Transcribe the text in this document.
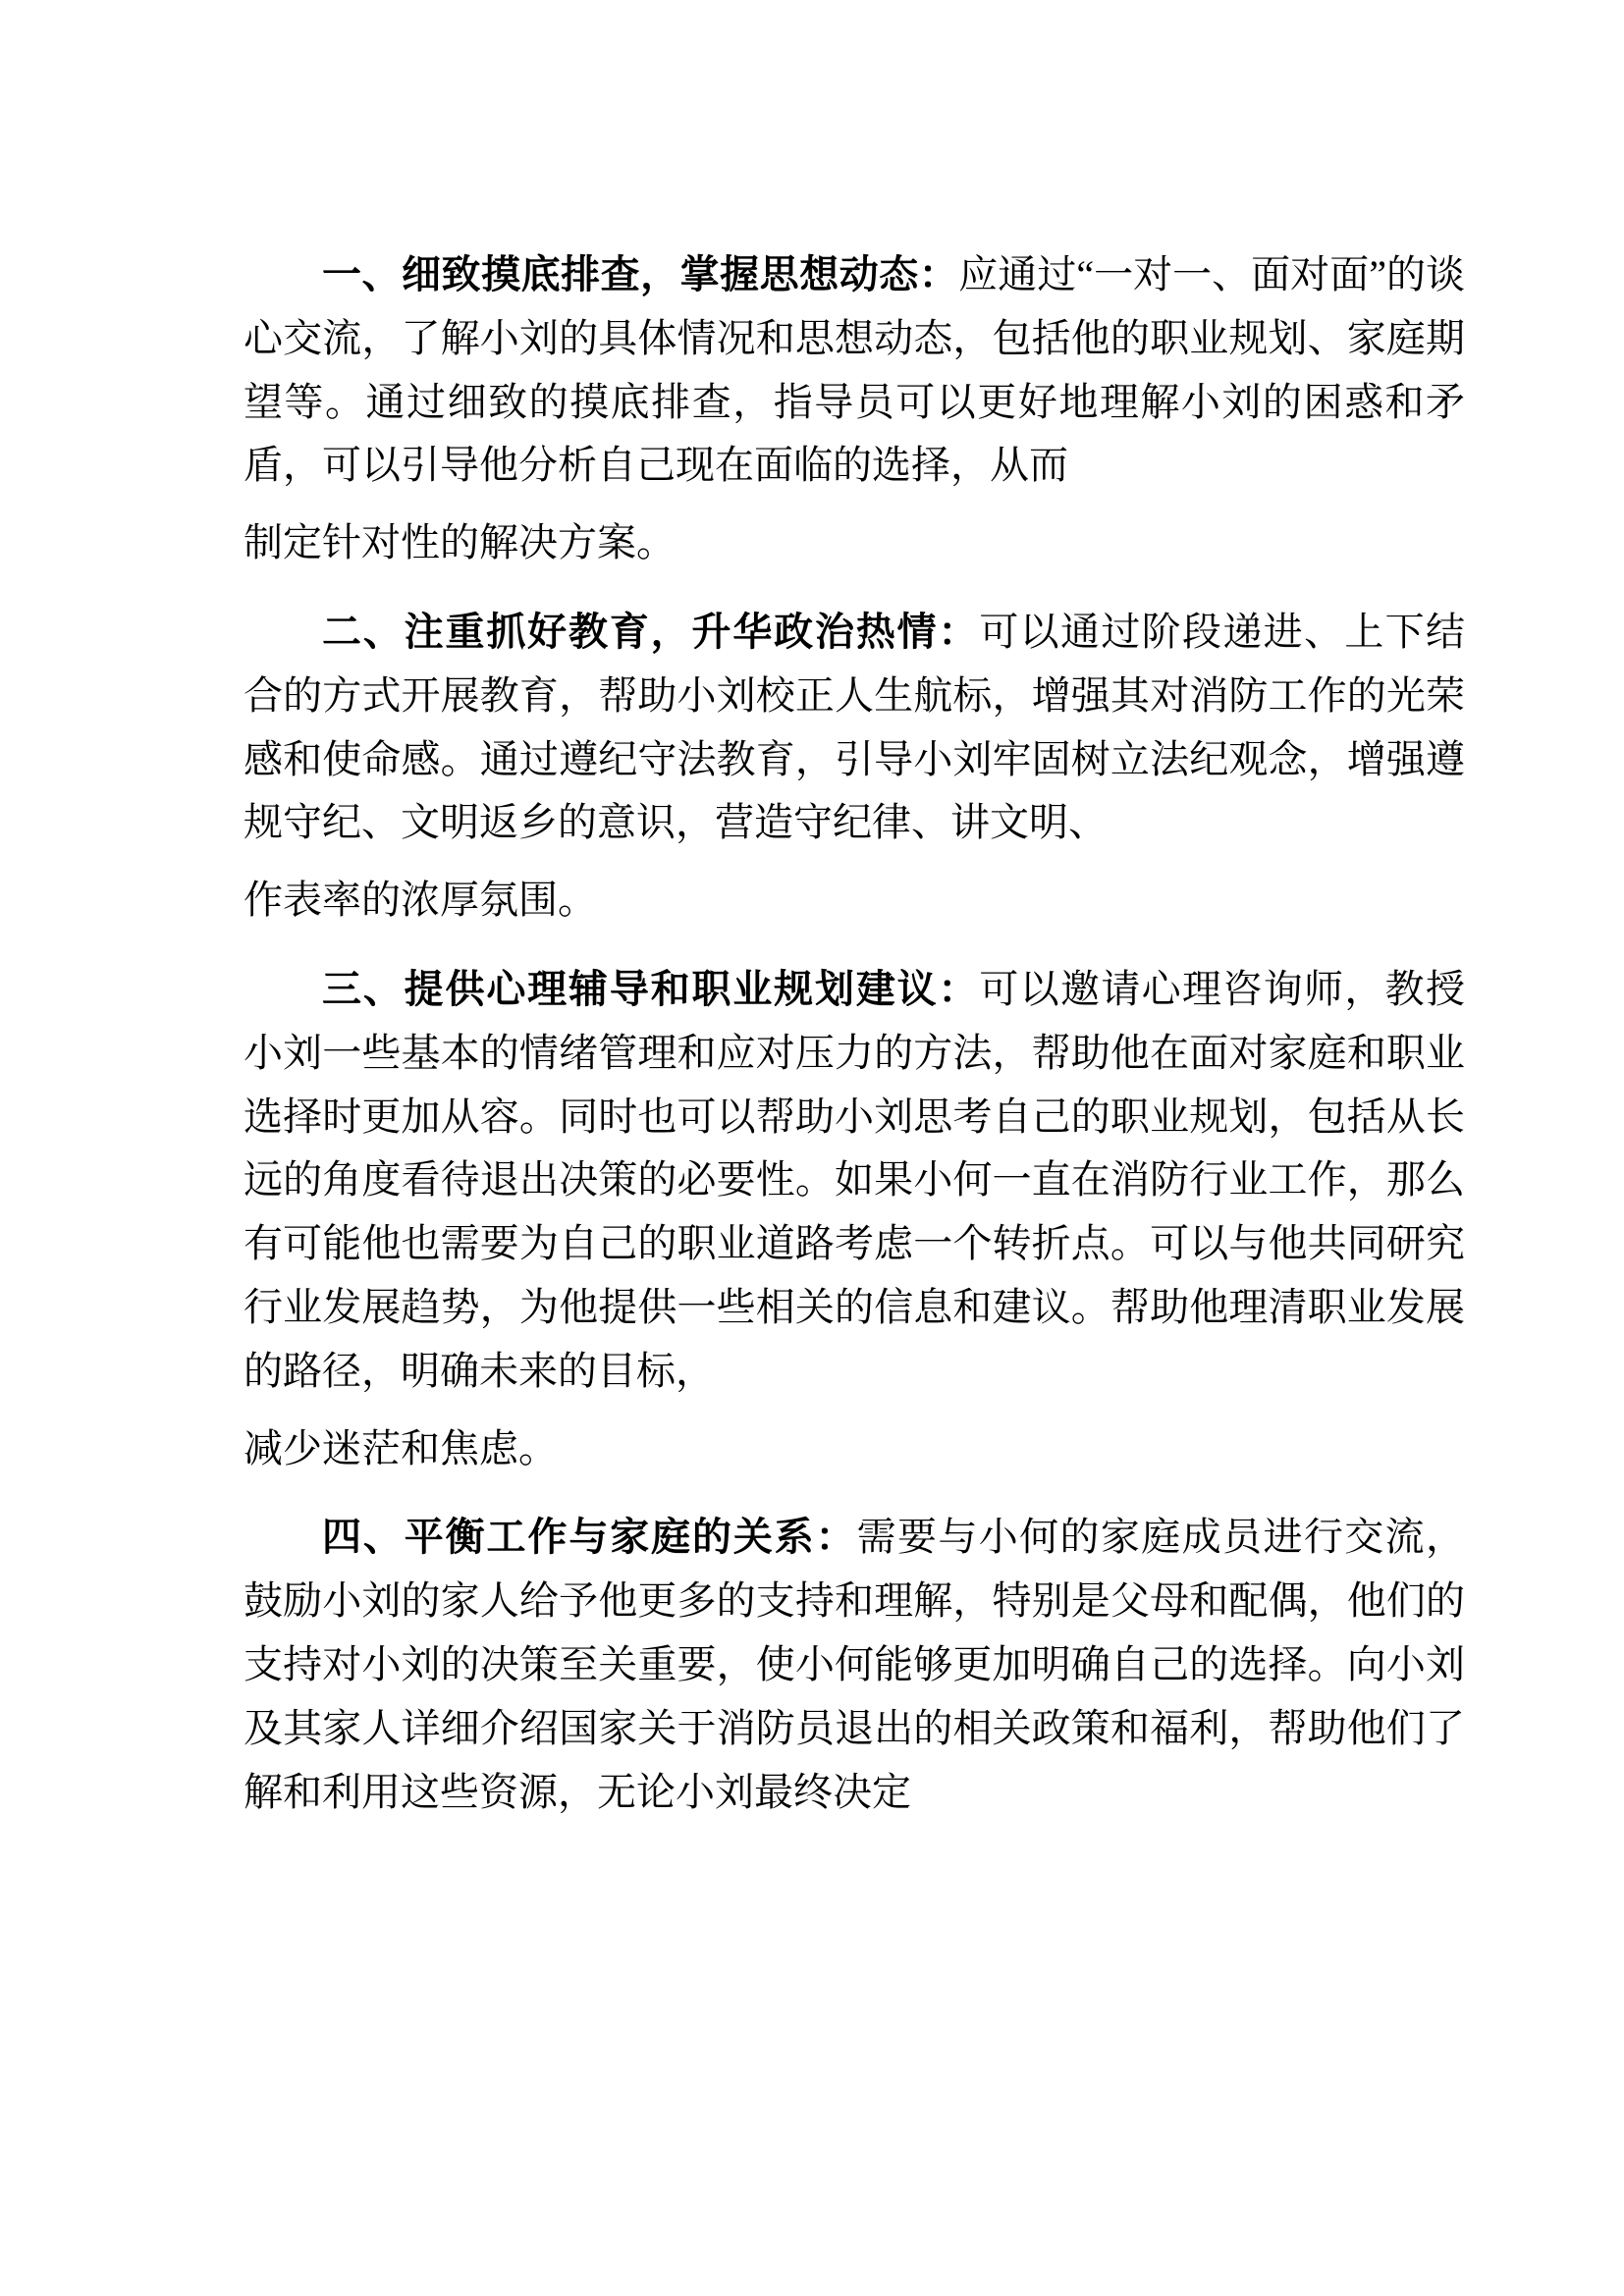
一、细致摸底排查，掌握思想动态：应通过“一对一、面对面”的谈心交流，了解小刘的具体情况和思想动态，包括他的职业规划、家庭期望等。通过细致的摸底排查，指导员可以更好地理解小刘的困惑和矛盾，可以引导他分析自己现在面临的选择，从而

制定针对性的解决方案。

二、注重抓好教育，升华政治热情：可以通过阶段递进、上下结合的方式开展教育，帮助小刘校正人生航标，增强其对消防工作的光荣感和使命感。通过遵纪守法教育，引导小刘牢固树立法纪观念，增强遵规守纪、文明返乡的意识，营造守纪律、讲文明、

作表率的浓厚氛围。

三、提供心理辅导和职业规划建议：可以邀请心理咨询师，教授小刘一些基本的情绪管理和应对压力的方法，帮助他在面对家庭和职业选择时更加从容。同时也可以帮助小刘思考自己的职业规划，包括从长远的角度看待退出决策的必要性。如果小何一直在消防行业工作，那么有可能他也需要为自己的职业道路考虑一个转折点。可以与他共同研究行业发展趋势，为他提供一些相关的信息和建议。帮助他理清职业发展的路径，明确未来的目标，

减少迷茫和焦虑。

四、平衡工作与家庭的关系：需要与小何的家庭成员进行交流，鼓励小刘的家人给予他更多的支持和理解，特别是父母和配偶，他们的支持对小刘的决策至关重要，使小何能够更加明确自己的选择。向小刘及其家人详细介绍国家关于消防员退出的相关政策和福利，帮助他们了解和利用这些资源，无论小刘最终决定
